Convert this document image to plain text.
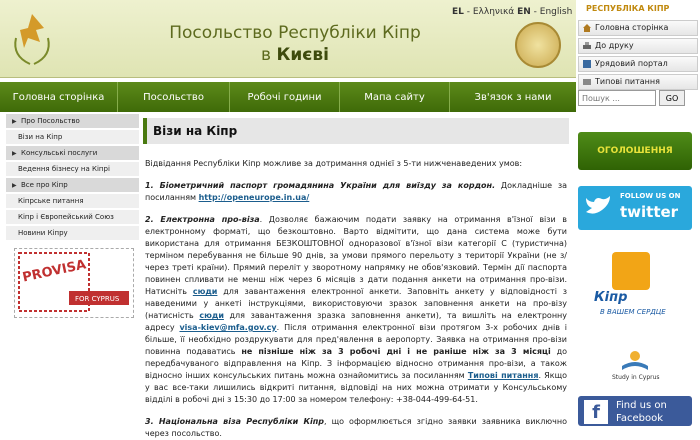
Посольство Республіки Кіпр
в Києві
EL - Ελληνικά EN - English
Головна сторінка	Посольство	Робочі години	Мапа сайту	Зв'язок з нами
▶ Про Посольство
Візи на Кіпр
▶ Консульські послуги
Ведення бізнесу на Кіпрі
▶ Все про Кіпр
Кіпрське питання
Кіпр і Європейський Союз
Новини Кіпру
PROVISA
FOR CYPRUS
Візи на Кіпр

Відвідання Республіки Кіпр можливе за дотримання однієї з 5-ти нижченаведених умов:

1. Біометричний паспорт громадянина України для виїзду за кордон. Докладніше за посиланням http://openeurope.in.ua/

2. Електронна про-віза. Дозволяє бажаючим подати заявку на отримання в'їзної візи в електронному форматі, що безкоштовно. Варто відмітити, що дана система може бути використана для отримання БЕЗКОШТОВНОЇ одноразової в'їзної візи категорії С (туристична) терміном перебування не більше 90 днів, за умови прямого перельоту з території України (не з/через треті країни). Прямий переліт у зворотному напрямку не обов'язковий. Термін дії паспорта повинен спливати не менш ніж через 6 місяців з дати подання анкети на отримання про-візи. Натисніть сюди для завантаження електронної анкети. Заповніть анкету у відповідності з наведеними у анкеті інструкціями, використовуючи зразок заповнення анкети на про-візу (натисність сюди для завантаження зразка заповнення анкети), та вишліть на електронну адресу visa-kiev@mfa.gov.cy. Після отримання електронної візи протягом 3-х робочих днів і більше, її необхідно роздрукувати для пред'явлення в аеропорту. Заявка на отримання про-візи повинна подаватись не пізніше ніж за 3 робочі дні і не раніше ніж за 3 місяці до передбачуваного відправлення на Кіпр. З інформацією відносно отримання про-візи, а також відносно інших консульських питань можна ознайомитись за посиланням Типові питання. Якщо у вас все-таки лишились відкриті питання, відповіді на них можна отримати у Консульському відділі в робочі дні з 15:30 до 17:00 за номером телефону: +38-044-499-64-51.

3. Національна віза Республіки Кіпр, що оформлюється згідно заявки заявника виключно через посольство.

РЕСПУБЛІКА КІПР
Головна сторінка
До друку
Урядовий портал
Типові питання
Пошук ...
GO
ОГОЛОШЕННЯ
FOLLOW US ON
twitter
Кіпр
В ВАШЕМ СЕРДЦЕ
Study in Cyprus
f	Find us on
Facebook
